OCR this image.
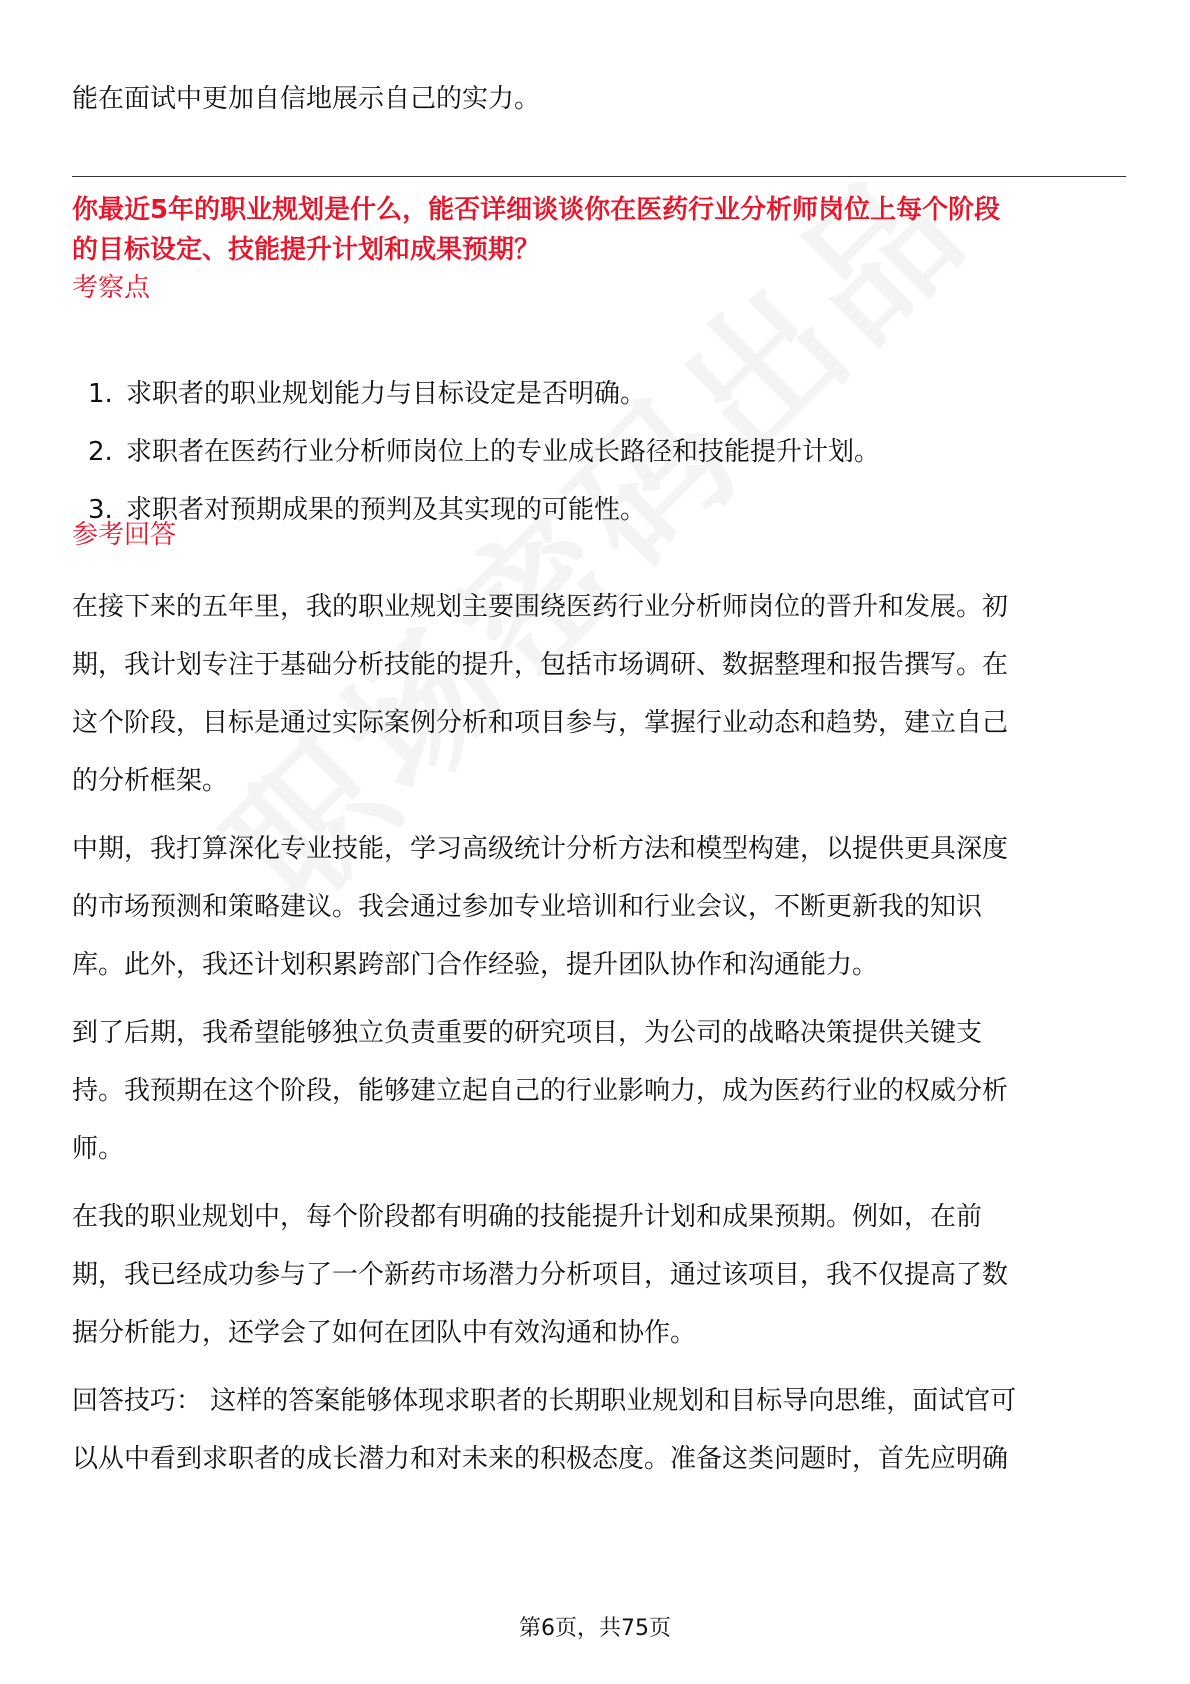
能在面试中更加自信地展示自己的实力。
你最近5年的职业规划是什么，能否详细谈谈你在医药行业分析师岗位上每个阶段
的目标设定、技能提升计划和成果预期？
考察点
1. 求职者的职业规划能力与目标设定是否明确。
2. 求职者在医药行业分析师岗位上的专业成长路径和技能提升计划。
3. 求职者对预期成果的预判及其实现的可能性。
参考回答
在接下来的五年里，我的职业规划主要围绕医药行业分析师岗位的晋升和发展。初
期，我计划专注于基础分析技能的提升，包括市场调研、数据整理和报告撰写。在
这个阶段，目标是通过实际案例分析和项目参与，掌握行业动态和趋势，建立自己
的分析框架。
中期，我打算深化专业技能，学习高级统计分析方法和模型构建，以提供更具深度
的市场预测和策略建议。我会通过参加专业培训和行业会议，不断更新我的知识
库。此外，我还计划积累跨部门合作经验，提升团队协作和沟通能力。
到了后期，我希望能够独立负责重要的研究项目，为公司的战略决策提供关键支
持。我预期在这个阶段，能够建立起自己的行业影响力，成为医药行业的权威分析
师。
在我的职业规划中，每个阶段都有明确的技能提升计划和成果预期。例如，在前
期，我已经成功参与了一个新药市场潜力分析项目，通过该项目，我不仅提高了数
据分析能力，还学会了如何在团队中有效沟通和协作。
回答技巧： 这样的答案能够体现求职者的长期职业规划和目标导向思维，面试官可
以从中看到求职者的成长潜力和对未来的积极态度。准备这类问题时，首先应明确
第6页，共75页
